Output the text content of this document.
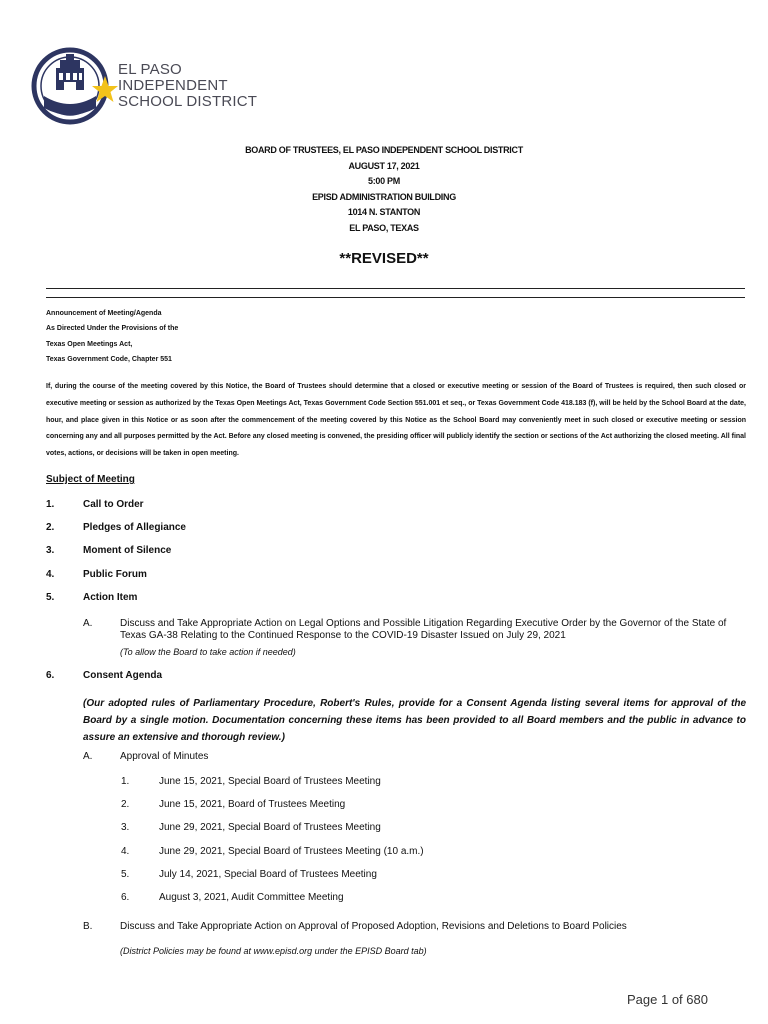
EL PASO
INDEPENDENT
SCHOOL DISTRICT
BOARD OF TRUSTEES, EL PASO INDEPENDENT SCHOOL DISTRICT
AUGUST 17, 2021
5:00 PM
EPISD ADMINISTRATION BUILDING
1014 N. STANTON
EL PASO, TEXAS
**REVISED**
Announcement of Meeting/Agenda
As Directed Under the Provisions of the
Texas Open Meetings Act,
Texas Government Code, Chapter 551
If, during the course of the meeting covered by this Notice, the Board of Trustees should determine that a closed or executive meeting or session of the Board of Trustees is required, then such closed or executive meeting or session as authorized by the Texas Open Meetings Act, Texas Government Code Section 551.001 et seq., or Texas Government Code 418.183 (f), will be held by the School Board at the date, hour, and place given in this Notice or as soon after the commencement of the meeting covered by this Notice as the School Board may conveniently meet in such closed or executive meeting or session concerning any and all purposes permitted by the Act. Before any closed meeting is convened, the presiding officer will publicly identify the section or sections of the Act authorizing the closed meeting. All final votes, actions, or decisions will be taken in open meeting.
Subject of Meeting
1.	Call to Order
2.	Pledges of Allegiance
3.	Moment of Silence
4.	Public Forum
5.	Action Item
A.	Discuss and Take Appropriate Action on Legal Options and Possible Litigation Regarding Executive Order by the Governor of the State of Texas GA-38 Relating to the Continued Response to the COVID-19 Disaster Issued on July 29, 2021
(To allow the Board to take action if needed)
6.	Consent Agenda
(Our adopted rules of Parliamentary Procedure, Robert's Rules, provide for a Consent Agenda listing several items for approval of the Board by a single motion. Documentation concerning these items has been provided to all Board members and the public in advance to assure an extensive and thorough review.)
A.	Approval of Minutes
1.	June 15, 2021, Special Board of Trustees Meeting
2.	June 15, 2021, Board of Trustees Meeting
3.	June 29, 2021, Special Board of Trustees Meeting
4.	June 29, 2021, Special Board of Trustees Meeting (10 a.m.)
5.	July 14, 2021, Special Board of Trustees Meeting
6.	August 3, 2021, Audit Committee Meeting
B.	Discuss and Take Appropriate Action on Approval of Proposed Adoption, Revisions and Deletions to Board Policies
(District Policies may be found at www.episd.org under the EPISD Board tab)
Page 1 of 680
